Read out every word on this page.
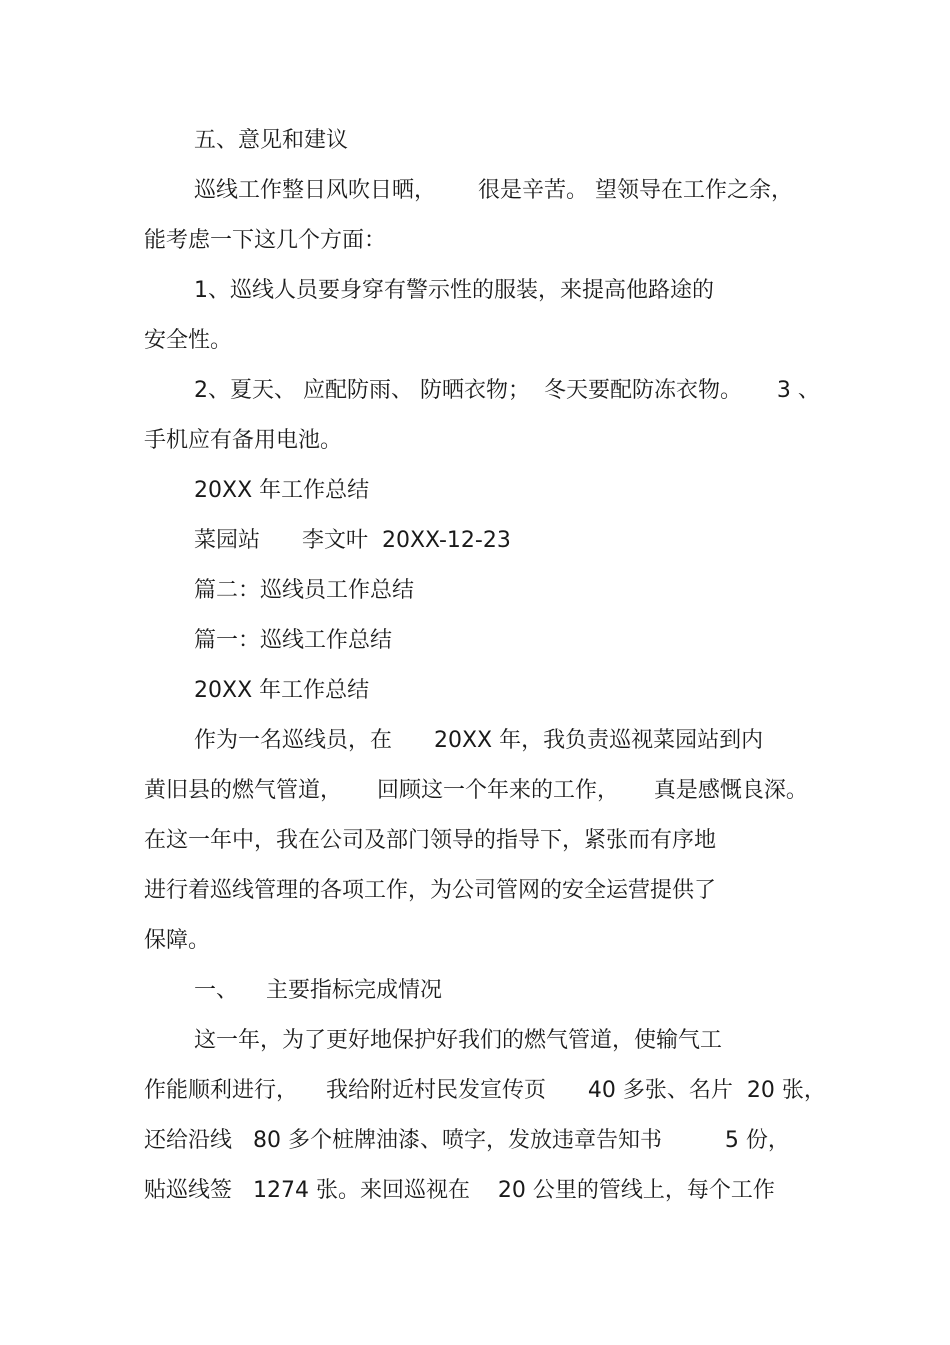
五、意见和建议

巡线工作整日风吹日晒，      很是辛苦。 望领导在工作之余，

能考虑一下这几个方面：

1、巡线人员要身穿有警示性的服装，来提高他路途的

安全性。

2、夏天、 应配防雨、 防晒衣物；  冬天要配防冻衣物。     3 、

手机应有备用电池。

20XX 年工作总结

菜园站      李文叶  20XX-12-23

篇二：巡线员工作总结

篇一：巡线工作总结

20XX 年工作总结

作为一名巡线员，在      20XX 年，我负责巡视菜园站到内

黄旧县的燃气管道，     回顾这一个年来的工作，     真是感慨良深。

在这一年中，我在公司及部门领导的指导下，紧张而有序地

进行着巡线管理的各项工作，为公司管网的安全运营提供了

保障。

一、    主要指标完成情况

这一年，为了更好地保护好我们的燃气管道，使输气工

作能顺利进行，    我给附近村民发宣传页      40 多张、名片  20 张，

还给沿线   80 多个桩牌油漆、喷字，发放违章告知书         5 份，

贴巡线签   1274 张。来回巡视在    20 公里的管线上，每个工作
